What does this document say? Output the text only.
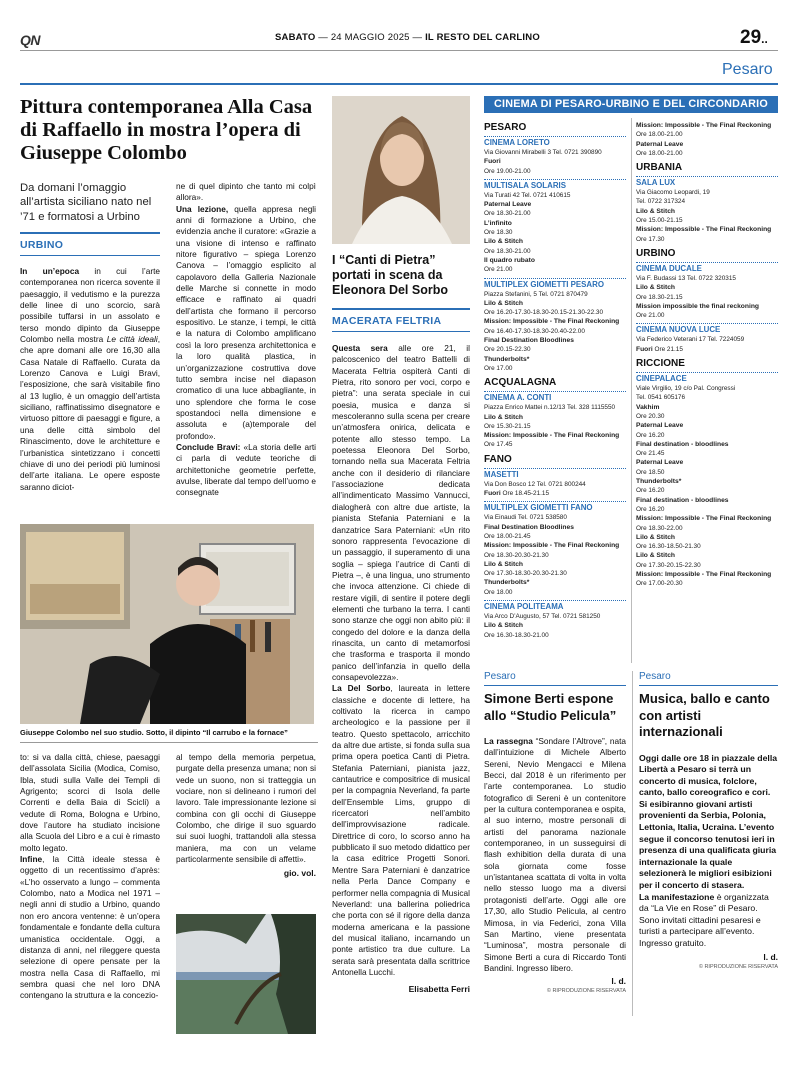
QN	SABATO — 24 MAGGIO 2025 — IL RESTO DEL CARLINO	29..
Pesaro
Pittura contemporanea Alla Casa di Raffaello in mostra l’opera di Giuseppe Colombo
Da domani l’omaggio all’artista siciliano nato nel ’71 e formatosi a Urbino
URBINO

In un’epoca in cui l’arte contemporanea non ricerca sovente il paesaggio, il vedutismo e la purezza delle linee di uno scorcio, sarà possibile tuffarsi in un assolato e terso mondo dipinto da Giuseppe Colombo nella mostra Le città ideali, che apre domani alle ore 16,30 alla Casa Natale di Raffaello. Curata da Lorenzo Canova e Luigi Bravi, l’esposizione, che sarà visitabile fino al 13 luglio, è un omaggio dell’artista siciliano, raffinatissimo disegnatore e virtuoso pittore di paesaggi e figure, a una delle città simbolo del Rinascimento, dove le architetture e l’urbanistica sintetizzano i concetti chiave di uno dei periodi più luminosi dell’arte italiana. Le opere esposte saranno diciot-

ne di quel dipinto che tanto mi colpì allora».

Una lezione, quella appresa negli anni di formazione a Urbino, che evidenzia anche il curatore: «Grazie a una visione di intenso e raffinato nitore figurativo – spiega Lorenzo Canova – l’omaggio esplicito al capolavoro della Galleria Nazionale delle Marche si connette in modo efficace e raffinato ai quadri dell’artista che formano il percorso espositivo. Le stanze, i tempi, le città e la natura di Colombo amplificano così la loro presenza architettonica e la loro qualità plastica, in un’organizzazione costruttiva dove tutto sembra incise nel diapason cromatico di una luce abbagliante, in uno splendore che forma le cose spostandoci nella dimensione e assoluta e (a)temporale del profondo».

Conclude Bravi: «La storia delle arti ci parla di vedute teoriche di architettoniche geometrie perfette, avulse, liberate dal tempo dell’uomo e consegnate

Giuseppe Colombo nel suo studio. Sotto, il dipinto “Il carrubo e la fornace”

to: si va dalla città, chiese, paesaggi dell’assolata Sicilia (Modica, Comiso, Ibla, studi sulla Valle dei Templi di Agrigento; scorci di Isola delle Correnti e della Baia di Scicli) a vedute di Roma, Bologna e Urbino, dove l’autore ha studiato incisione alla Scuola del Libro e a cui è rimasto molto legato.

Infine, la Città ideale stessa è oggetto di un recentissimo d’après: «L’ho osservato a lungo – commenta Colombo, nato a Modica nel 1971 – negli anni di studio a Urbino, quando non ero ancora ventenne: è un’opera fondamentale e fondante della cultura umanistica occidentale. Oggi, a distanza di anni, nel rileggere questa selezione di opere pensate per la mostra nella Casa di Raffaello, mi sembra quasi che nel loro DNA contengano la struttura e la concezio-

al tempo della memoria perpetua, purgate della presenza umana; non si vede un suono, non si tratteggia un vociare, non si delineano i rumori del lavoro. Tale impressionante lezione si combina con gli occhi di Giuseppe Colombo, che dirige il suo sguardo sui suoi luoghi, trattandoli alla stessa maniera, ma con un velame particolarmente sensibile di affetti».

gio. vol.
I “Canti di Pietra” portati in scena da Eleonora Del Sorbo
MACERATA FELTRIA

Questa sera alle ore 21, il palcoscenico del teatro Battelli di Macerata Feltria ospiterà Canti di Pietra, rito sonoro per voci, corpo e pietra”: una serata speciale in cui poesia, musica e danza si mescoleranno sulla scena per creare un’atmosfera onirica, delicata e potente allo stesso tempo. La poetessa Eleonora Del Sorbo, tornando nella sua Macerata Feltria anche con il desiderio di rilanciare l’associazione dedicata all’indimenticato Massimo Vannucci, dialogherà con altre due artiste, la pianista Stefania Paterniani e la danzatrice Sara Paterniani: «Un rito sonoro rappresenta l’evocazione di un passaggio, il superamento di una soglia – spiega l’autrice di Canti di Pietra –, è una lingua, uno strumento che invoca attenzione. Ci chiede di restare vigili, di sentire il potere degli elementi che turbano la terra. I canti sono stanze che oggi non abito più: il congedo del dolore e la danza della rinascita, un canto di metamorfosi che trasforma e trasporta il mondo panico dell’infanzia in quello della consapevolezza».

La Del Sorbo, laureata in lettere classiche e docente di lettere, ha coltivato la ricerca in campo archeologico e la passione per il teatro. Questo spettacolo, arricchito da altre due artiste, si fonda sulla sua prima opera poetica Canti di Pietra. Stefania Paterniani, pianista jazz, cantautrice e compositrice di musical per la compagnia Neverland, fa parte dell’Ensemble Lims, gruppo di ricercatori nell’ambito dell’improvvisazione radicale. Direttrice di coro, lo scorso anno ha pubblicato il suo metodo didattico per la casa editrice Progetti Sonori. Mentre Sara Paterniani è danzatrice nella Perla Dance Company e performer nella compagnia di Musical Neverland: una ballerina poliedrica che porta con sé il rigore della danza moderna americana e la passione del musical italiano, incarnando un ponte artistico tra due culture. La serata sarà presentata dalla scrittrice Antonella Lucchi.

Elisabetta Ferri
CINEMA DI PESARO-URBINO E DEL CIRCONDARIO
PESARO
CINEMA LORETO
Via Giovanni Mirabelli 3 Tel. 0721 390890
Fuori
Ore 19.00-21.00
MULTISALA SOLARIS
Via Turati 42 Tel. 0721 410615
Paternal Leave
Ore 18.30-21.00
L’infinito
Ore 18.30
Lilo & Stitch
Ore 18.30-21.00
Il quadro rubato
Ore 21.00
MULTIPLEX GIOMETTI PESARO
Piazza Stefanini, 5 Tel. 0721 870479
Lilo & Stitch
Ore 16.20-17.30-18.30-20.15-21.30-22.30
Mission: Impossible - The Final Reckoning Ore 16.40-17.30-18.30-20.40-22.00
Final Destination Bloodlines
Ore 20.15-22.30
Thunderbolts*
Ore 17.00
ACQUALAGNA
CINEMA A. CONTI
Piazza Enrico Mattei n.12/13 Tel. 328 1115550
Lilo & Stitch
Ore 15.30-21.15
Mission: Impossible - The Final Reckoning Ore 17.45
FANO
MASETTI
Via Don Bosco 12 Tel. 0721 800244
Fuori Ore 18.45-21.15
MULTIPLEX GIOMETTI FANO
Via Einaudi Tel. 0721 538580
Final Destination Bloodlines
Ore 18.00-21.45
Mission: Impossible - The Final Reckoning Ore 18.30-20.30-21.30
Lilo & Stitch
Ore 17.30-18.30-20.30-21.30
Thunderbolts*
Ore 18.00
CINEMA POLITEAMA
Via Arco D’Augusto, 57 Tel. 0721 581250
Lilo & Stitch
Ore 16.30-18.30-21.00
Mission: Impossible - The Final Reckoning Ore 18.00-21.00
Paternal Leave
Ore 18.00-21.00
URBANIA
SALA LUX
Via Giacomo Leopardi, 19
Tel. 0722 317324
Lilo & Stitch
Ore 15.00-21.15
Mission: Impossible - The Final Reckoning Ore 17.30
URBINO
CINEMA DUCALE
Via F. Budassi 13 Tel. 0722 320315
Lilo & Stitch
Ore 18.30-21.15
Mission impossible the final reckoning
Ore 21.00
CINEMA NUOVA LUCE
Via Federico Veterani 17 Tel. 7224059
Fuori Ore 21.15
RICCIONE
CINEPALACE
Viale Virgilio, 19 c/o Pal. Congressi
Tel. 0541 605176
Vakhim
Ore 20.30
Paternal Leave
Ore 16.20
Final destination - bloodlines
Ore 21.45
Paternal Leave
Ore 18.50
Thunderbolts*
Ore 16.20
Final destination - bloodlines
Ore 16.20
Mission: Impossible - The Final Reckoning Ore 18.30-22.00
Lilo & Stitch
Ore 16.30-18.50-21.30
Lilo & Stitch
Ore 17.30-20.15-22.30
Mission: Impossible - The Final Reckoning Ore 17.00-20.30
Pesaro
Simone Berti espone allo “Studio Pelicula”

La rassegna “Sondare l’Altrove”, nata dall’intuizione di Michele Alberto Sereni, Nevio Mengacci e Milena Becci, dal 2018 è un riferimento per l’arte contemporanea. Lo studio fotografico di Sereni è un contenitore per la cultura contemporanea e ospita, al suo interno, mostre personali di artisti del panorama nazionale contemporaneo, in un susseguirsi di flash exhibition della durata di una sola giornata come fosse un’istantanea scattata di volta in volta nello stesso luogo ma a diversi protagonisti dell’arte. Oggi alle ore 17,30, allo Studio Pelicula, al centro Mimosa, in via Federici, zona Villa San Martino, viene presentata “Luminosa”, mostra personale di Simone Berti a cura di Riccardo Tonti Bandini. Ingresso libero.

l. d.
© RIPRODUZIONE RISERVATA
Pesaro
Musica, ballo e canto con artisti internazionali
Oggi dalle ore 18 in piazzale della Libertà a Pesaro si terrà un concerto di musica, folclore, canto, ballo coreografico e cori. Si esibiranno giovani artisti provenienti da Serbia, Polonia, Lettonia, Italia, Ucraina. L’evento segue il concorso tenutosi ieri in presenza di una qualificata giuria internazionale la quale selezionerà le migliori esibizioni per il concerto di stasera.
La manifestazione è organizzata da “La Vie en Rose” di Pesaro. Sono invitati cittadini pesaresi e turisti a partecipare all’evento. Ingresso gratuito.
l. d.
© RIPRODUZIONE RISERVATA
